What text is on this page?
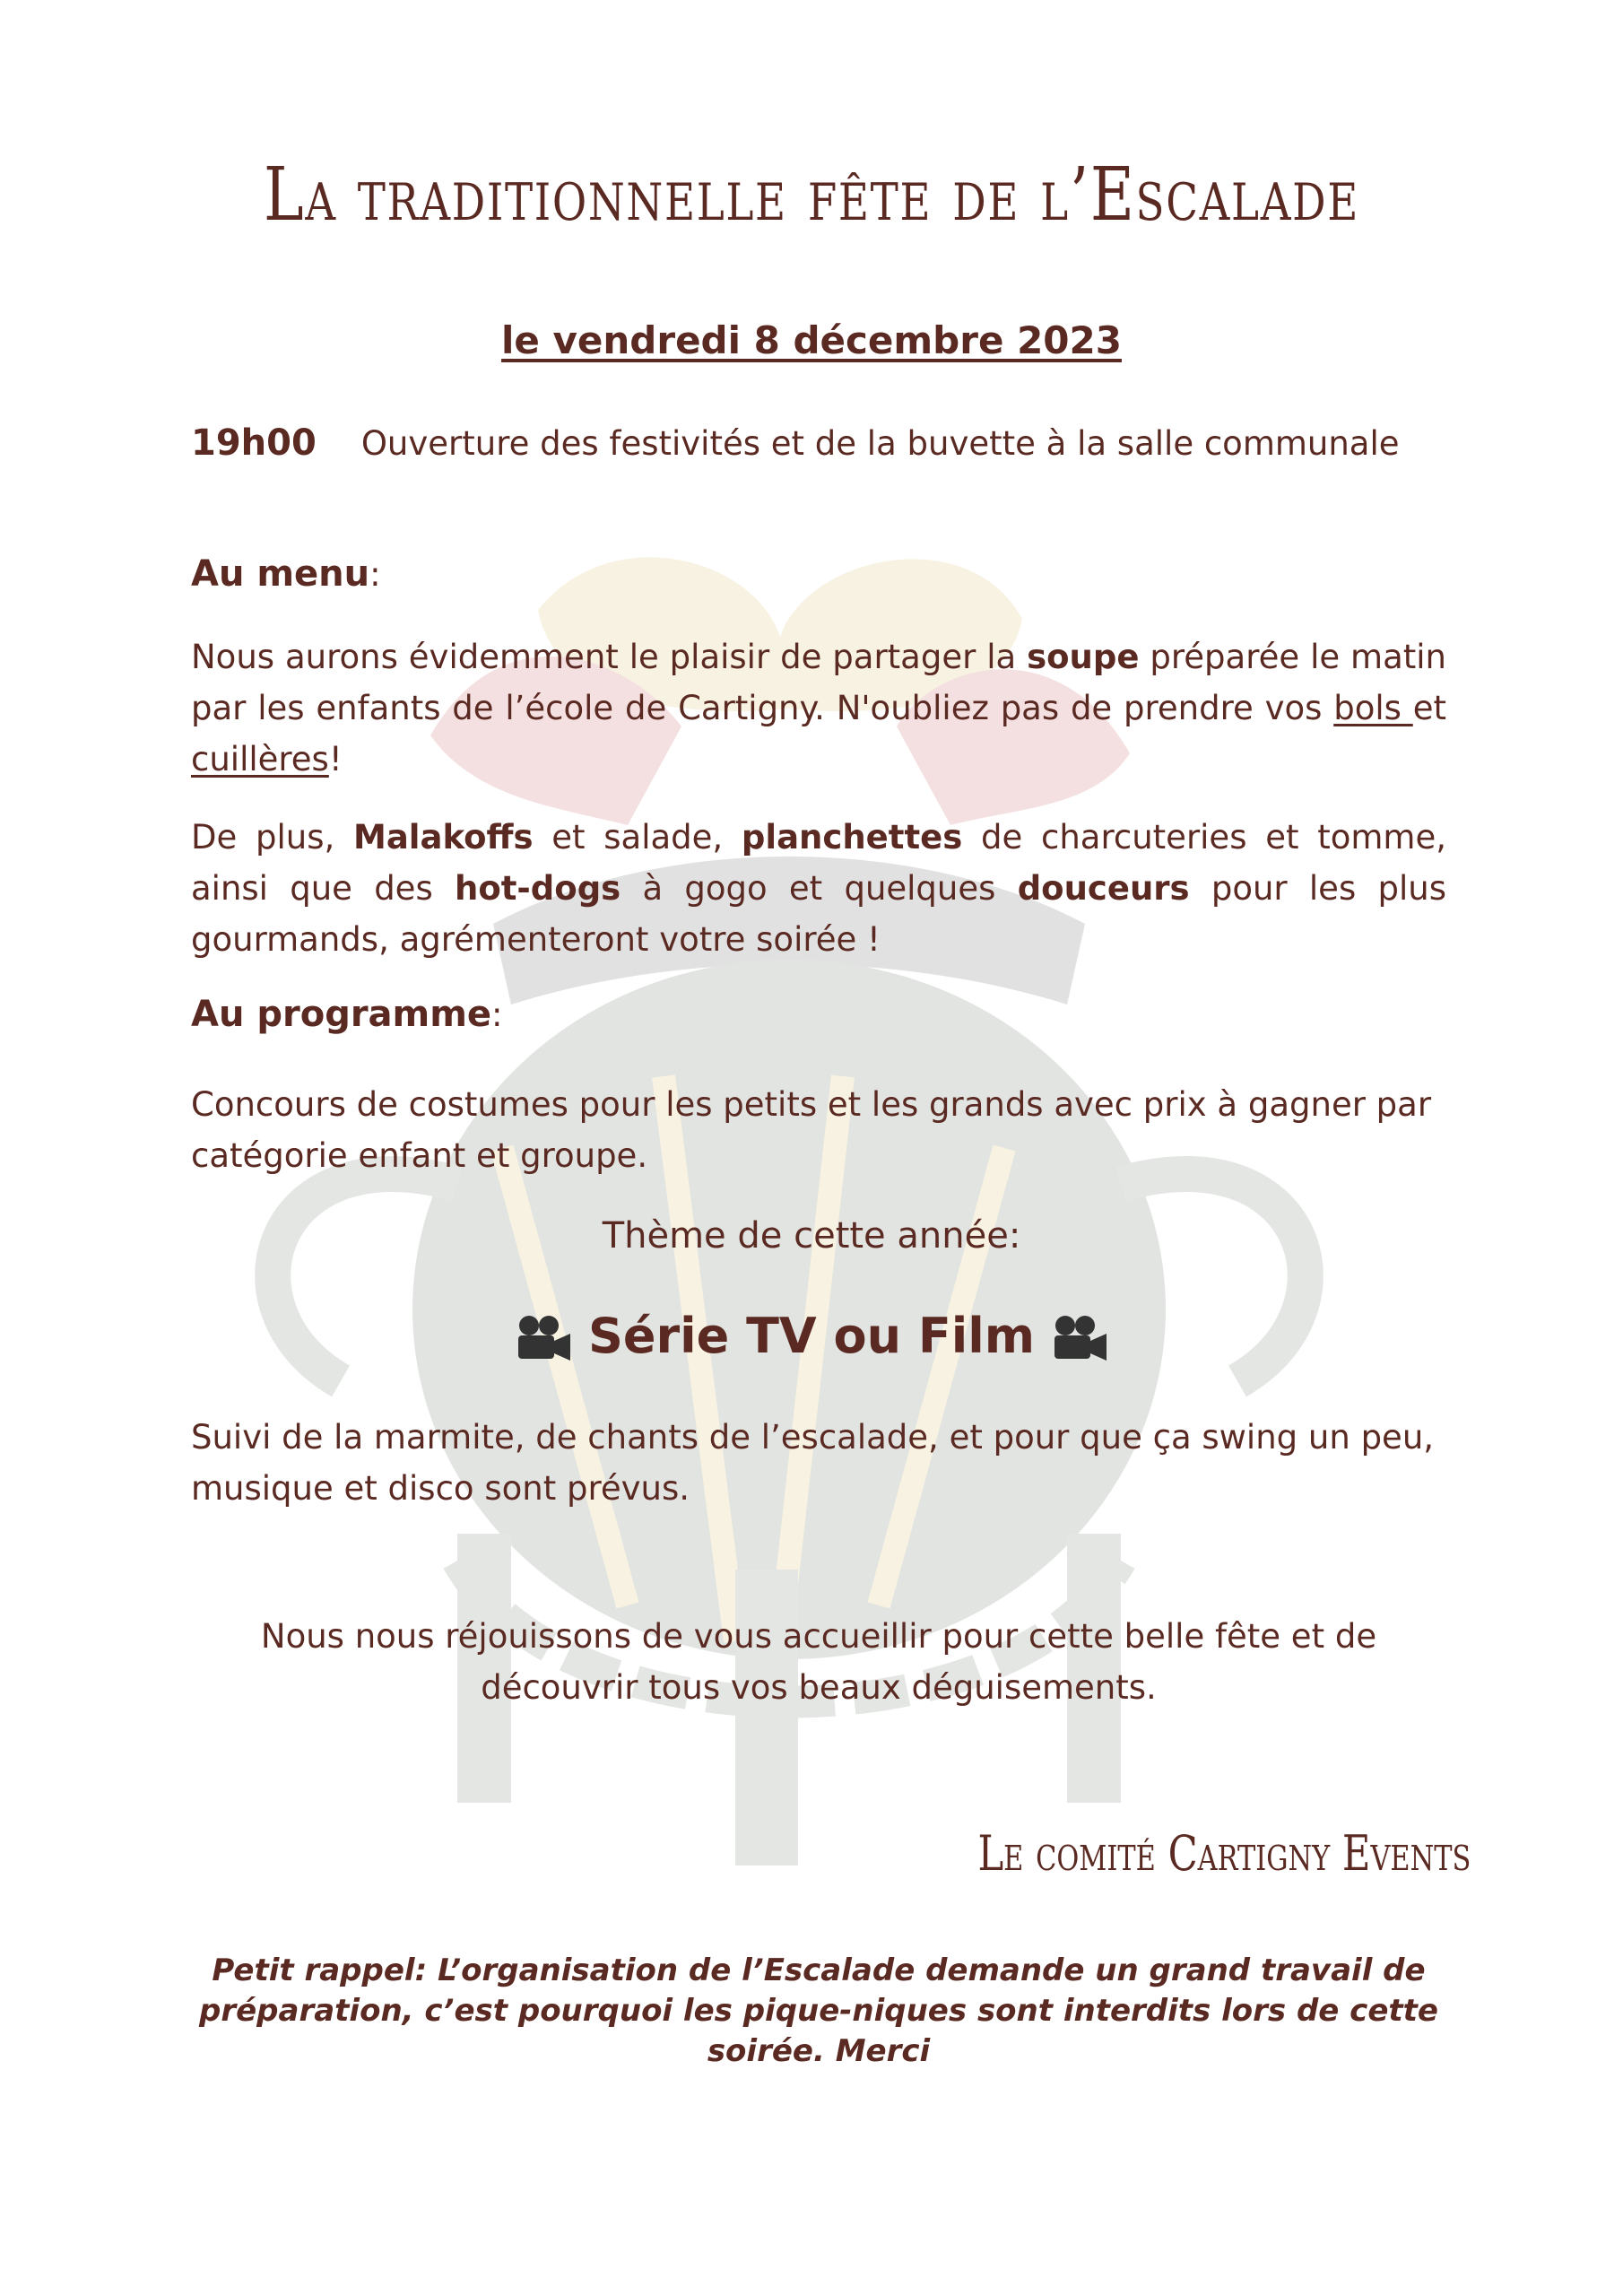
La traditionnelle fête de l’Escalade
le vendredi 8 décembre 2023
19h00 Ouverture des festivités et de la buvette à la salle communale
Au menu:
Nous aurons évidemment le plaisir de partager la soupe préparée le matin par les enfants de l’école de Cartigny. N'oubliez pas de prendre vos bols et cuillères!
De plus, Malakoffs et salade, planchettes de charcuteries et tomme, ainsi que des hot-dogs à gogo et quelques douceurs pour les plus gourmands, agrémenteront votre soirée !
Au programme:
Concours de costumes pour les petits et les grands avec prix à gagner par catégorie enfant et groupe.
Thème de cette année:
Série TV ou Film
Suivi de la marmite, de chants de l’escalade, et pour que ça swing un peu, musique et disco sont prévus.
Nous nous réjouissons de vous accueillir pour cette belle fête et de découvrir tous vos beaux déguisements.
Le comité Cartigny Events
Petit rappel: L’organisation de l’Escalade demande un grand travail de préparation, c’est pourquoi les pique-niques sont interdits lors de cette soirée. Merci
